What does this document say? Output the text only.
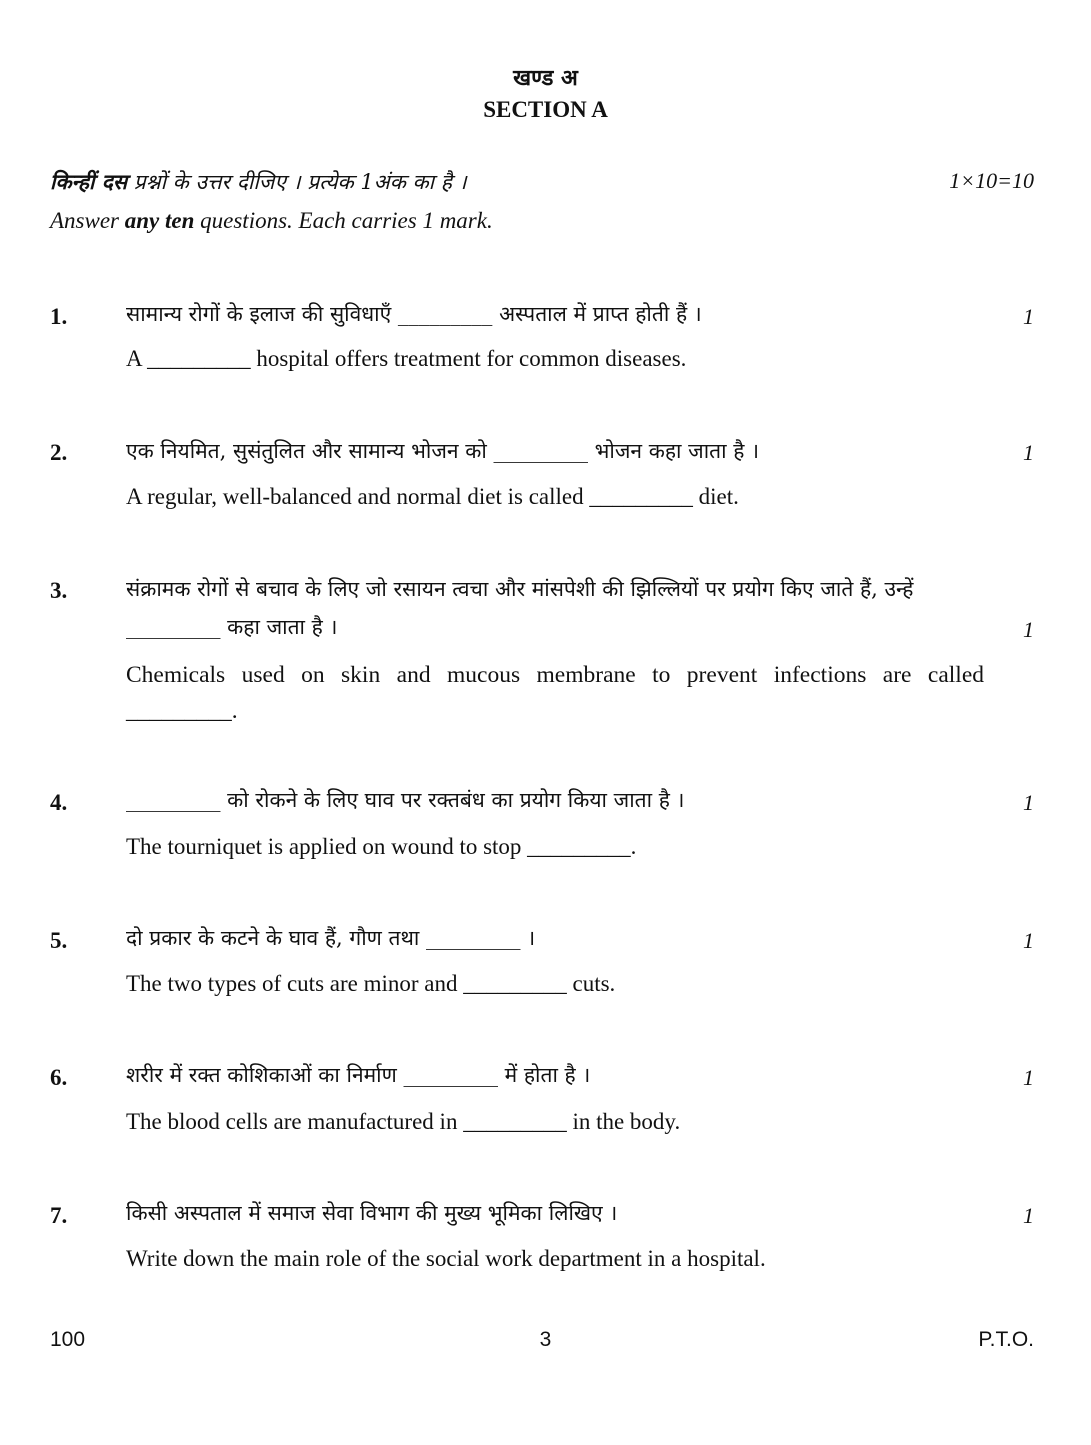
खण्ड अ
SECTION A
किन्हीं दस प्रश्नों के उत्तर दीजिए । प्रत्येक 1अंक का है ।	1×10=10
Answer any ten questions. Each carries 1 mark.
1.	सामान्य रोगों के इलाज की सुविधाएँ _________ अस्पताल में प्राप्त होती हैं ।	1
A _________ hospital offers treatment for common diseases.
2.	एक नियमित, सुसंतुलित और सामान्य भोजन को _________ भोजन कहा जाता है ।	1
A regular, well-balanced and normal diet is called _________ diet.
3.	संक्रामक रोगों से बचाव के लिए जो रसायन त्वचा और मांसपेशी की झिल्लियों पर प्रयोग किए जाते हैं, उन्हें _________ कहा जाता है ।	1
Chemicals used on skin and mucous membrane to prevent infections are called _________.
4.	_________ को रोकने के लिए घाव पर रक्तबंध का प्रयोग किया जाता है ।	1
The tourniquet is applied on wound to stop _________.
5.	दो प्रकार के कटने के घाव हैं, गौण तथा _________ ।	1
The two types of cuts are minor and _________ cuts.
6.	शरीर में रक्त कोशिकाओं का निर्माण _________ में होता है ।	1
The blood cells are manufactured in _________ in the body.
7.	किसी अस्पताल में समाज सेवा विभाग की मुख्य भूमिका लिखिए ।	1
Write down the main role of the social work department in a hospital.
100	3	P.T.O.
